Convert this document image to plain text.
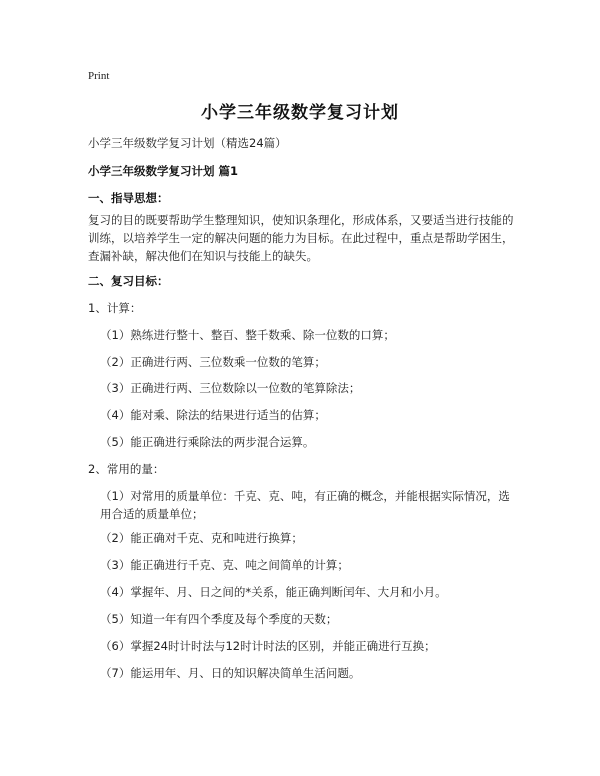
Print
小学三年级数学复习计划
小学三年级数学复习计划（精选24篇）
小学三年级数学复习计划 篇1
一、指导思想：
复习的目的既要帮助学生整理知识，使知识条理化，形成体系，又要适当进行技能的训练，以培养学生一定的解决问题的能力为目标。在此过程中，重点是帮助学困生，查漏补缺，解决他们在知识与技能上的缺失。
二、复习目标：
1、计算：
（1）熟练进行整十、整百、整千数乘、除一位数的口算；
（2）正确进行两、三位数乘一位数的笔算；
（3）正确进行两、三位数除以一位数的笔算除法；
（4）能对乘、除法的结果进行适当的估算；
（5）能正确进行乘除法的两步混合运算。
2、常用的量：
（1）对常用的质量单位：千克、克、吨，有正确的概念，并能根据实际情况，选用合适的质量单位；
（2）能正确对千克、克和吨进行换算；
（3）能正确进行千克、克、吨之间简单的计算；
（4）掌握年、月、日之间的*关系，能正确判断闰年、大月和小月。
（5）知道一年有四个季度及每个季度的天数；
（6）掌握24时计时法与12时计时法的区别，并能正确进行互换；
（7）能运用年、月、日的知识解决简单生活问题。
